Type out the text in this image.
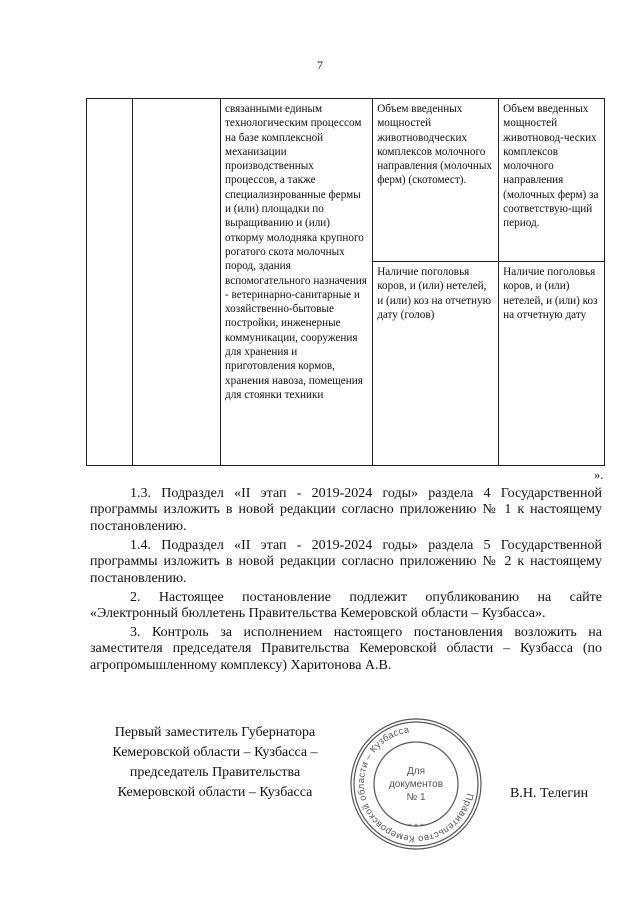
7
		связанными единым технологическим процессом на базе комплексной механизации производственных процессов, а также специализированные фермы и (или) площадки по выращиванию и (или) откорму молодняка крупного рогатого скота молочных пород, здания вспомогательного назначения - ветеринарно-санитарные и хозяйственно-бытовые постройки, инженерные коммуникации, сооружения для хранения и приготовления кормов, хранения навоза, помещения для стоянки техники	Объем введенных мощностей животноводческих комплексов молочного направления (молочных ферм) (скотомест).	Объем введенных мощностей животновод-ческих комплексов молочного направления (молочных ферм) за соответствую-щий период.
			Наличие поголовья коров, и (или) нетелей, и (или) коз на отчетную дату (голов)	Наличие поголовья коров, и (или) нетелей, и (или) коз на отчетную дату
».

1.3. Подраздел «II этап - 2019-2024 годы» раздела 4 Государственной программы изложить в новой редакции согласно приложению № 1 к настоящему постановлению.

1.4. Подраздел «II этап - 2019-2024 годы» раздела 5 Государственной программы изложить в новой редакции согласно приложению № 2 к настоящему постановлению.

2. Настоящее постановление подлежит опубликованию на сайте «Электронный бюллетень Правительства Кемеровской области – Кузбасса».

3. Контроль за исполнением настоящего постановления возложить на заместителя председателя Правительства Кемеровской области – Кузбасса (по агропромышленному комплексу) Харитонова А.В.

Первый заместитель Губернатора
Кемеровской области – Кузбасса –
председатель Правительства
Кемеровской области – Кузбасса	Правительство Кемеровской области – Кузбасса
* * *
Для
документов
№ 1	В.Н. Телегин
